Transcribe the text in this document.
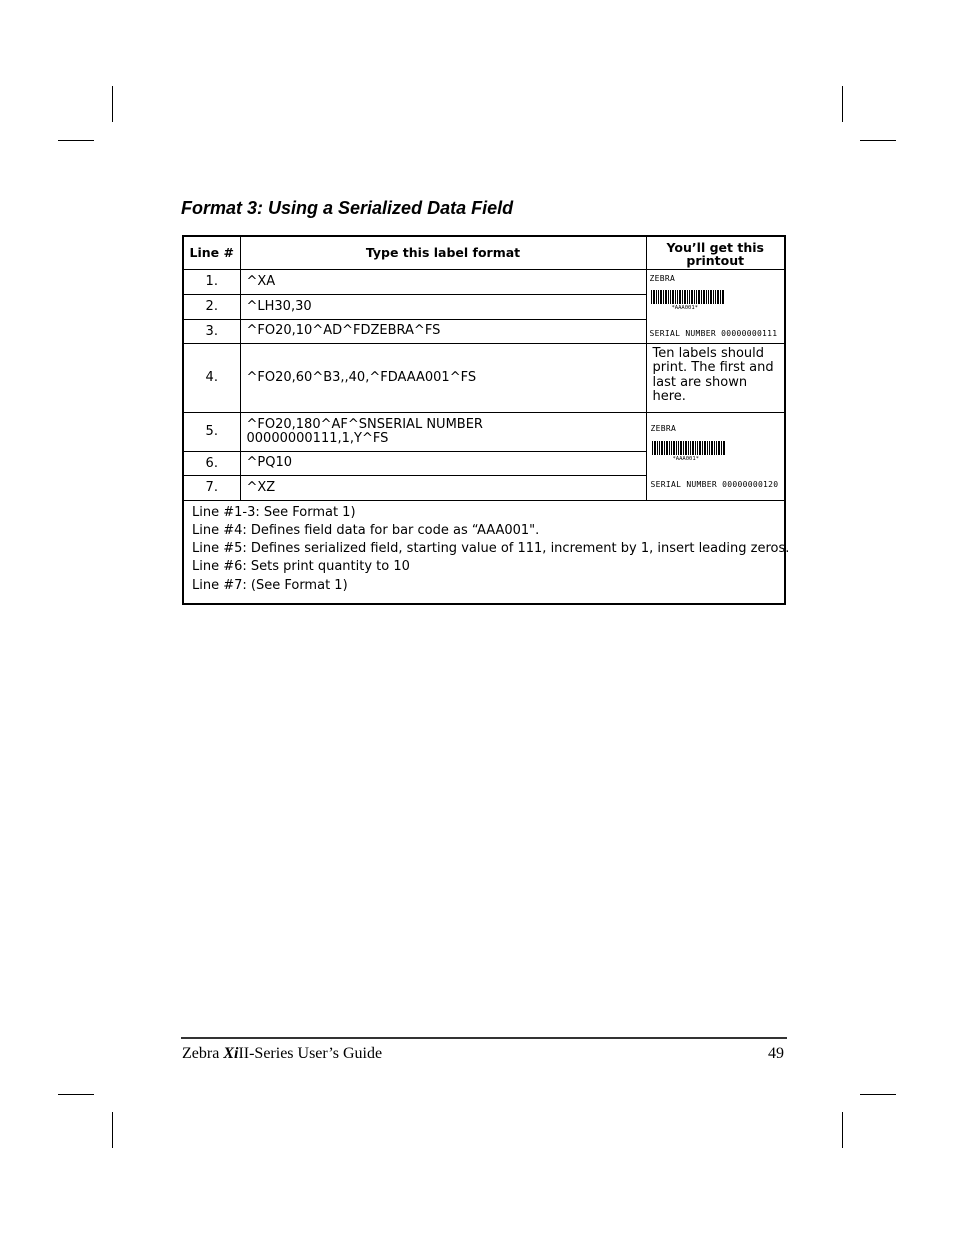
Format 3: Using a Serialized Data Field
Line #	Type this label format	You’ll get this printout
1.	^XA	ZEBRA
*AAA001*
SERIAL NUMBER 00000000111

2.	^LH30,30	
3.	^FO20,10^AD^FDZEBRA^FS	
4.	^FO20,60^B3,,40,^FDAAA001^FS	Ten labels should print. The first and last are shown here.
5.	^FO20,180^AF^SNSERIAL NUMBER 00000000111,1,Y^FS	ZEBRA
*AAA001*
SERIAL NUMBER 00000000120

6.	^PQ10	
7.	^XZ	

Line #1-3: See Format 1)

Line #4: Defines field data for bar code as “AAA001".

Line #5: Defines serialized field, starting value of 111, increment by 1, insert leading zeros.

Line #6: Sets print quantity to 10

Line #7: (See Format 1)		

Zebra XiII-Series User’s Guide	49
